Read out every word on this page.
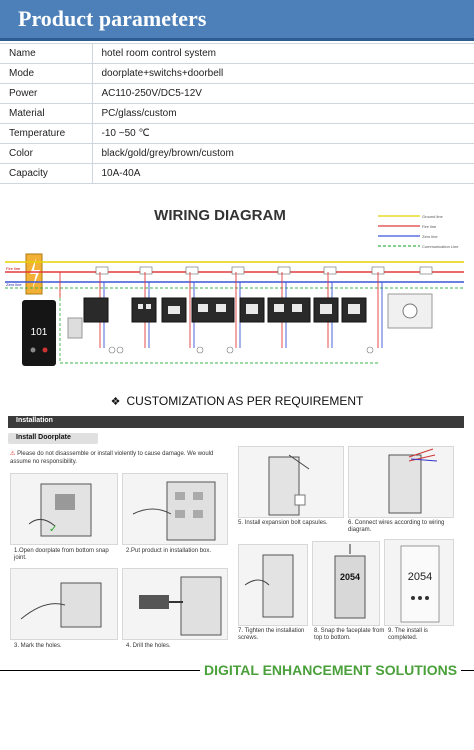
Product parameters
Name	hotel room control system
Mode	doorplate+switchs+doorbell
Power	AC110-250V/DC5-12V
Material	PC/glass/custom
Temperature	-10 ~50 ℃
Color	black/gold/grey/brown/custom
Capacity	10A-40A
WIRING DIAGRAM	Ground line
Fire line
Zero line
Communication Line
Fire line
Zero line
101
❖ CUSTOMIZATION AS PER REQUIREMENT
Installation
Install Doorplate
⚠ Please do not disassemble or install violently to cause damage. We would assume no responsibility.
✓
1.Open doorplate from bottom snap joint.
2.Put product in installation box.
3. Mark the holes.	4. Drill the holes.
5. Install expansion bolt capsules.	6. Connect wires according to wiring diagram.
7. Tighten the installation screws.
2054
8. Snap the faceplate from top to bottom.
2054
9. The install is completed.
DIGITAL ENHANCEMENT SOLUTIONS
